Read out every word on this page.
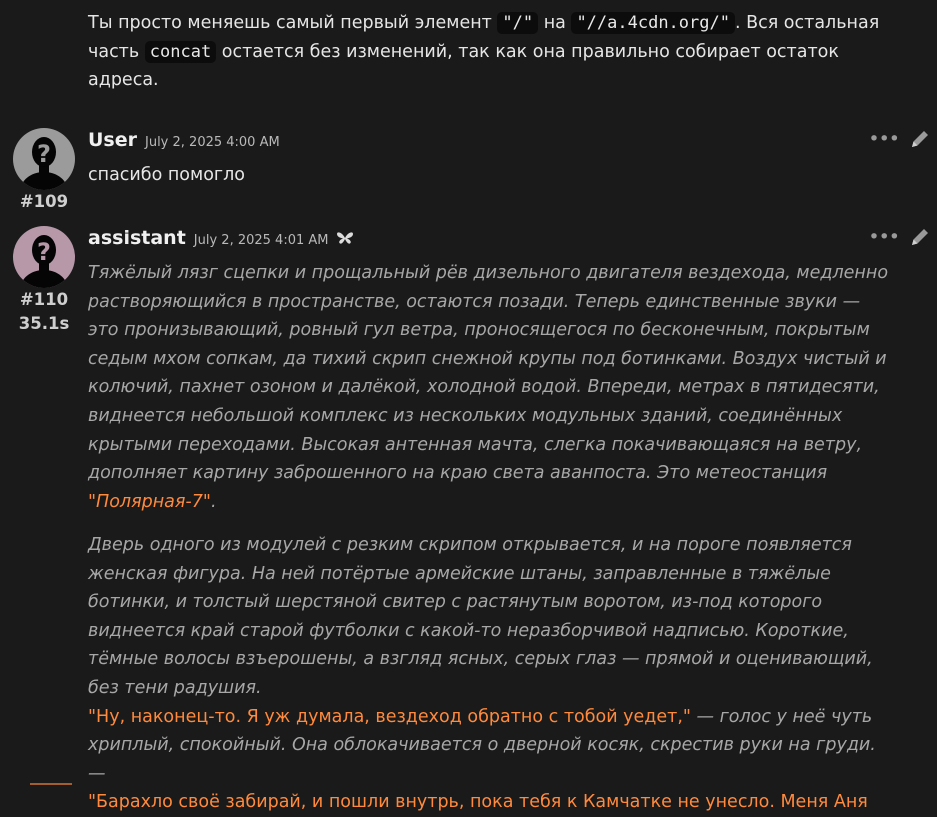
Ты просто меняешь самый первый элемент "/" на "//a.4cdn.org/" . Вся остальная часть concat остается без изменений, так как она правильно собирает остаток адреса.
?
#109
User July 2, 2025 4:00 AM	•••
спасибо помогло
?
#110
35.1s
assistant July 2, 2025 4:01 AM	•••
Тяжёлый лязг сцепки и прощальный рёв дизельного двигателя вездехода, медленно растворяющийся в пространстве, остаются позади. Теперь единственные звуки — это пронизывающий, ровный гул ветра, проносящегося по бесконечным, покрытым седым мхом сопкам, да тихий скрип снежной крупы под ботинками. Воздух чистый и колючий, пахнет озоном и далёкой, холодной водой. Впереди, метрах в пятидесяти, виднеется небольшой комплекс из нескольких модульных зданий, соединённых крытыми переходами. Высокая антенная мачта, слегка покачивающаяся на ветру, дополняет картину заброшенного на краю света аванпоста. Это метеостанция
"Полярная-7".
Дверь одного из модулей с резким скрипом открывается, и на пороге появляется женская фигура. На ней потёртые армейские штаны, заправленные в тяжёлые ботинки, и толстый шерстяной свитер с растянутым воротом, из-под которого виднеется край старой футболки с какой-то неразборчивой надписью. Короткие, тёмные волосы взъерошены, а взгляд ясных, серых глаз — прямой и оценивающий, без тени радушия.
"Ну, наконец-то. Я уж думала, вездеход обратно с тобой уедет," — голос у неё чуть хриплый, спокойный. Она облокачивается о дверной косяк, скрестив руки на груди. —
"Барахло своё забирай, и пошли внутрь, пока тебя к Камчатке не унесло. Меня Аня
